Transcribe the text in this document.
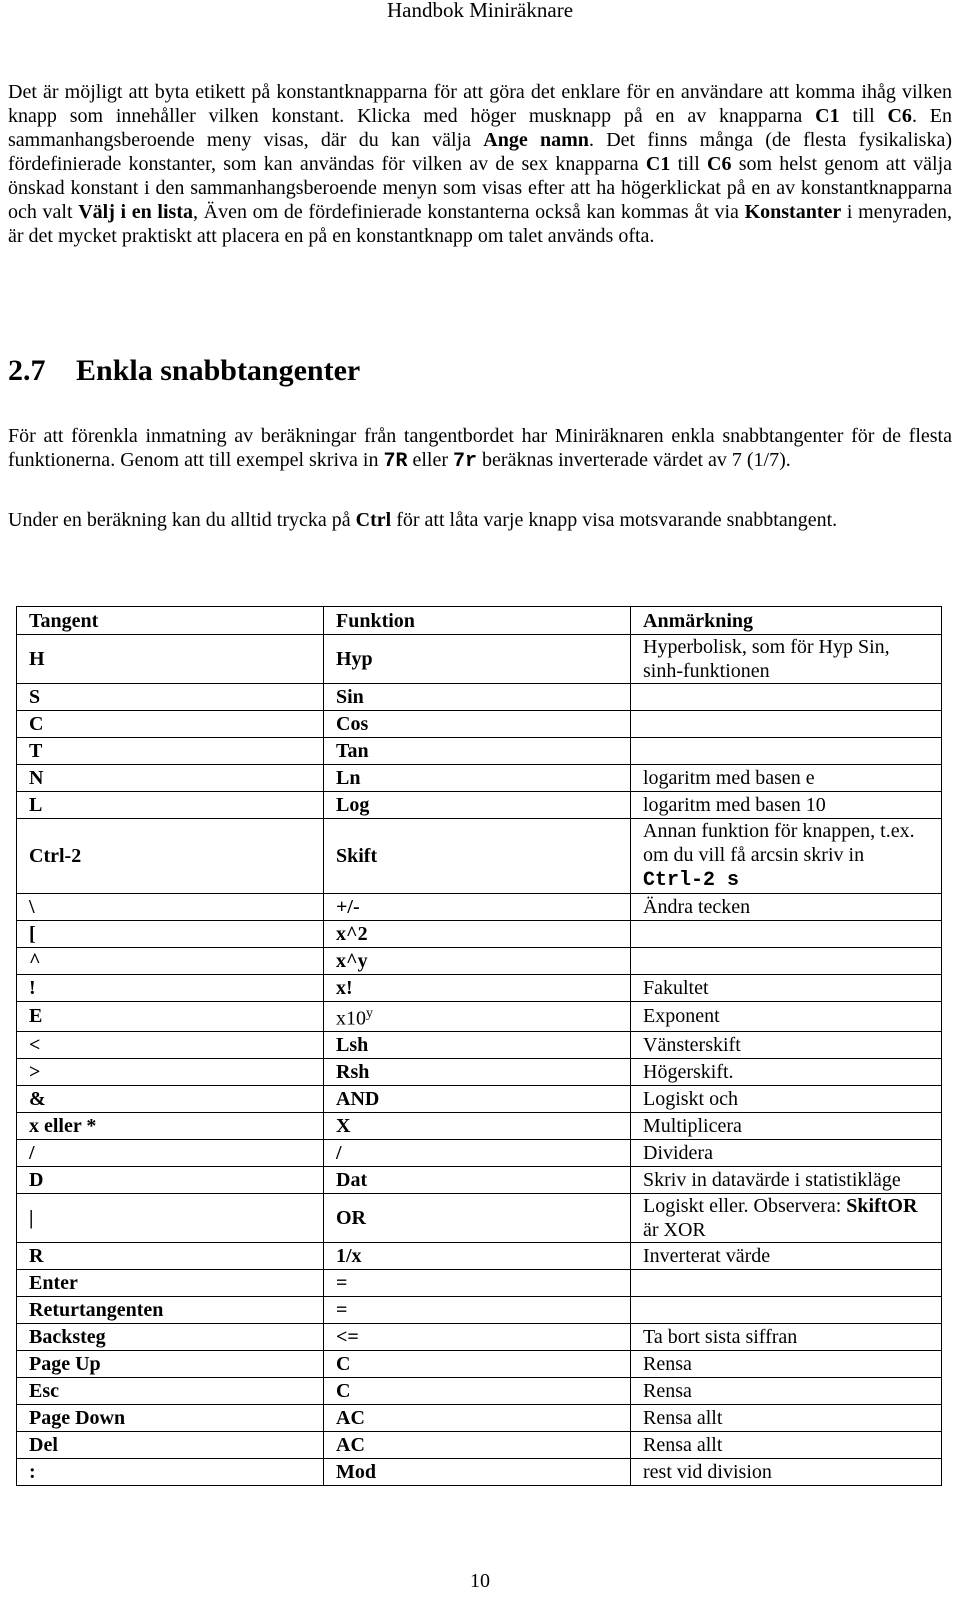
Handbok Miniräknare
Det är möjligt att byta etikett på konstantknapparna för att göra det enklare för en användare att komma ihåg vilken knapp som innehåller vilken konstant. Klicka med höger musknapp på en av knapparna C1 till C6. En sammanhangsberoende meny visas, där du kan välja Ange namn. Det finns många (de flesta fysikaliska) fördefinierade konstanter, som kan användas för vilken av de sex knapparna C1 till C6 som helst genom att välja önskad konstant i den sammanhangsberoende menyn som visas efter att ha högerklickat på en av konstantknapparna och valt Välj i en lista, Även om de fördefinierade konstanterna också kan kommas åt via Konstanter i menyraden, är det mycket praktiskt att placera en på en konstantknapp om talet används ofta.
2.7 Enkla snabbtangenter
För att förenkla inmatning av beräkningar från tangentbordet har Miniräknaren enkla snabbtangenter för de flesta funktionerna. Genom att till exempel skriva in 7R eller 7r beräknas inverterade värdet av 7 (1/7).
Under en beräkning kan du alltid trycka på Ctrl för att låta varje knapp visa motsvarande snabbtangent.
Tangent	Funktion	Anmärkning
H	Hyp	Hyperbolisk, som för Hyp Sin, sinh-funktionen
S	Sin	
C	Cos	
T	Tan	
N	Ln	logaritm med basen e
L	Log	logaritm med basen 10
Ctrl-2	Skift	Annan funktion för knappen, t.ex. om du vill få arcsin skriv in Ctrl-2 s
\	+/-	Ändra tecken
[	x^2	
^	x^y	
!	x!	Fakultet
E	x10$^y$	Exponent
<	Lsh	Vänsterskift
>	Rsh	Högerskift.
&	AND	Logiskt och
x eller *	X	Multiplicera
/	/	Dividera
D	Dat	Skriv in datavärde i statistikläge
|	OR	Logiskt eller. Observera: SkiftOR är XOR
R	1/x	Inverterat värde
Enter	=	
Returtangenten	=	
Backsteg	<=	Ta bort sista siffran
Page Up	C	Rensa
Esc	C	Rensa
Page Down	AC	Rensa allt
Del	AC	Rensa allt
:	Mod	rest vid division
10
